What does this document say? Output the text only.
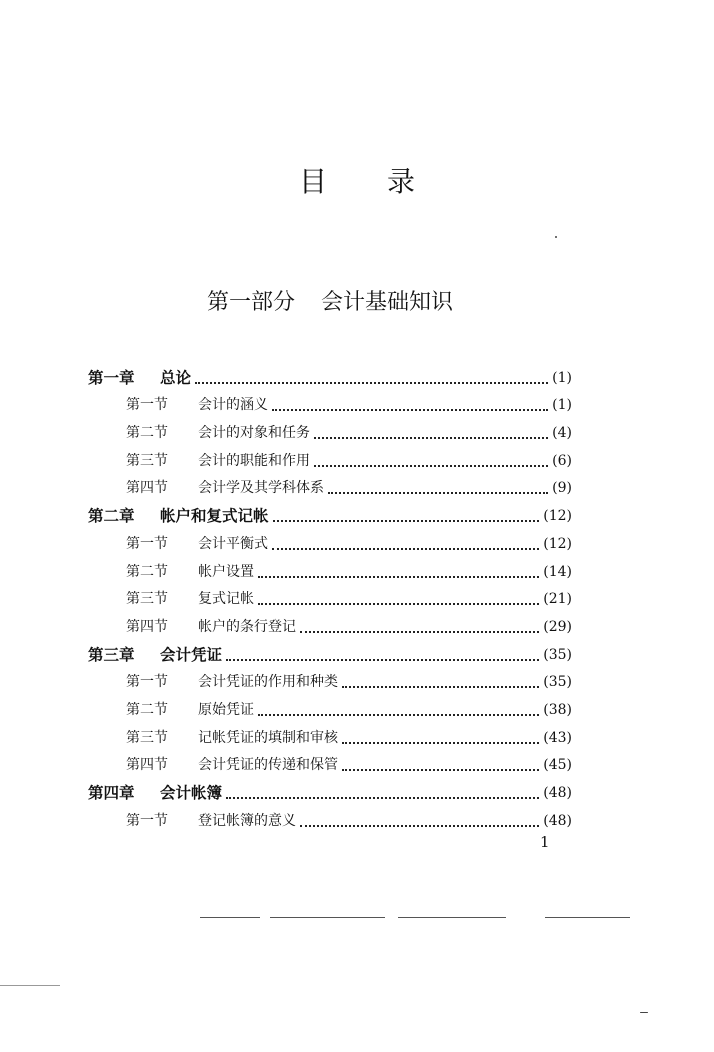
目 录
第一部分 会计基础知识
第一章	总论	(1)
第一节	会计的涵义	(1)
第二节	会计的对象和任务	(4)
第三节	会计的职能和作用	(6)
第四节	会计学及其学科体系	(9)
第二章	帐户和复式记帐	(12)
第一节	会计平衡式	(12)
第二节	帐户设置	(14)
第三节	复式记帐	(21)
第四节	帐户的条行登记	(29)
第三章	会计凭证	(35)
第一节	会计凭证的作用和种类	(35)
第二节	原始凭证	(38)
第三节	记帐凭证的填制和审核	(43)
第四节	会计凭证的传递和保管	(45)
第四章	会计帐簿	(48)
第一节	登记帐簿的意义	(48)
1
